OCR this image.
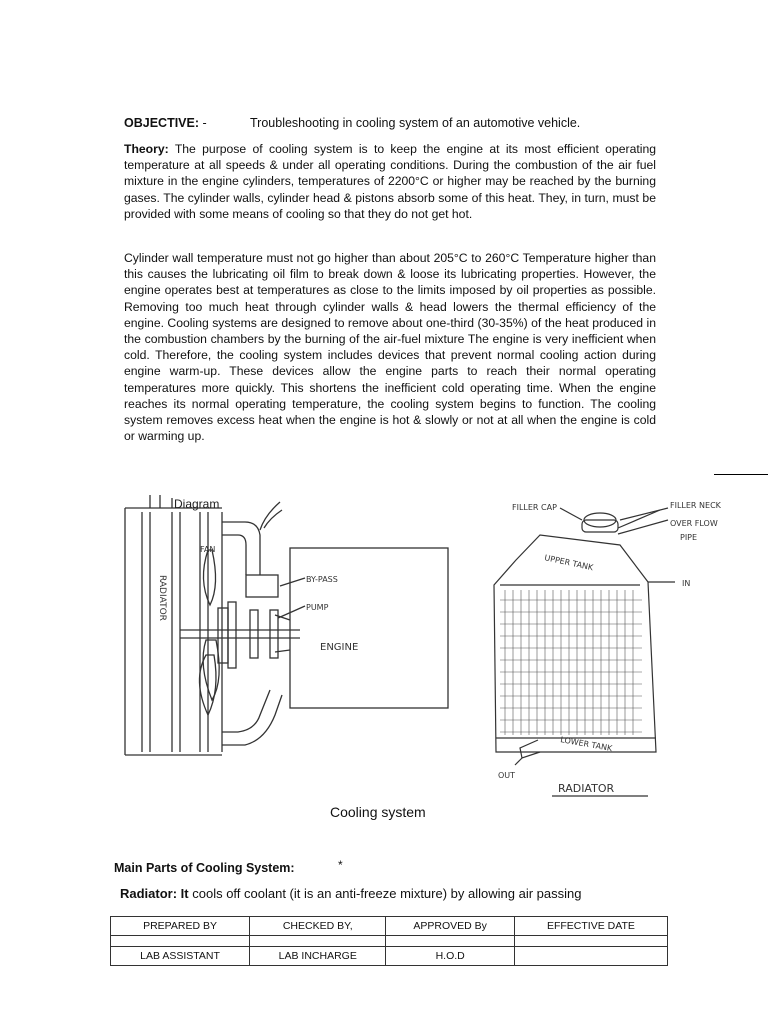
OBJECTIVE: -	Troubleshooting in cooling system of an automotive vehicle.
Theory: The purpose of cooling system is to keep the engine at its most efficient operating temperature at all speeds & under all operating conditions. During the combustion of the air fuel mixture in the engine cylinders, temperatures of 2200°C or higher may be reached by the burning gases. The cylinder walls, cylinder head & pistons absorb some of this heat. They, in turn, must be provided with some means of cooling so that they do not get hot.
Cylinder wall temperature must not go higher than about 205°C to 260°C Temperature higher than this causes the lubricating oil film to break down & loose its lubricating properties. However, the engine operates best at temperatures as close to the limits imposed by oil properties as possible. Removing too much heat through cylinder walls & head lowers the thermal efficiency of the engine. Cooling systems are designed to remove about one-third (30-35%) of the heat produced in the combustion chambers by the burning of the air-fuel mixture The engine is very inefficient when cold. Therefore, the cooling system includes devices that prevent normal cooling action during engine warm-up. These devices allow the engine parts to reach their normal operating temperatures more quickly. This shortens the inefficient cold operating time. When the engine reaches its normal operating temperature, the cooling system begins to function. The cooling system removes excess heat when the engine is hot & slowly or not at all when the engine is cold or warming up.
Diagram
RADIATOR
FAN
BY-PASS
PUMP
ENGINE
FILLER CAP	FILLER NECK
OVER FLOW
PIPE
UPPER TANK
IN
LOWER TANK
OUT
RADIATOR
Cooling system
Main Parts of Cooling System:	*
Radiator: It cools off coolant (it is an anti-freeze mixture) by allowing air passing
PREPARED BY	CHECKED BY,	APPROVED By	EFFECTIVE DATE

LAB ASSISTANT	LAB INCHARGE	H.O.D	
